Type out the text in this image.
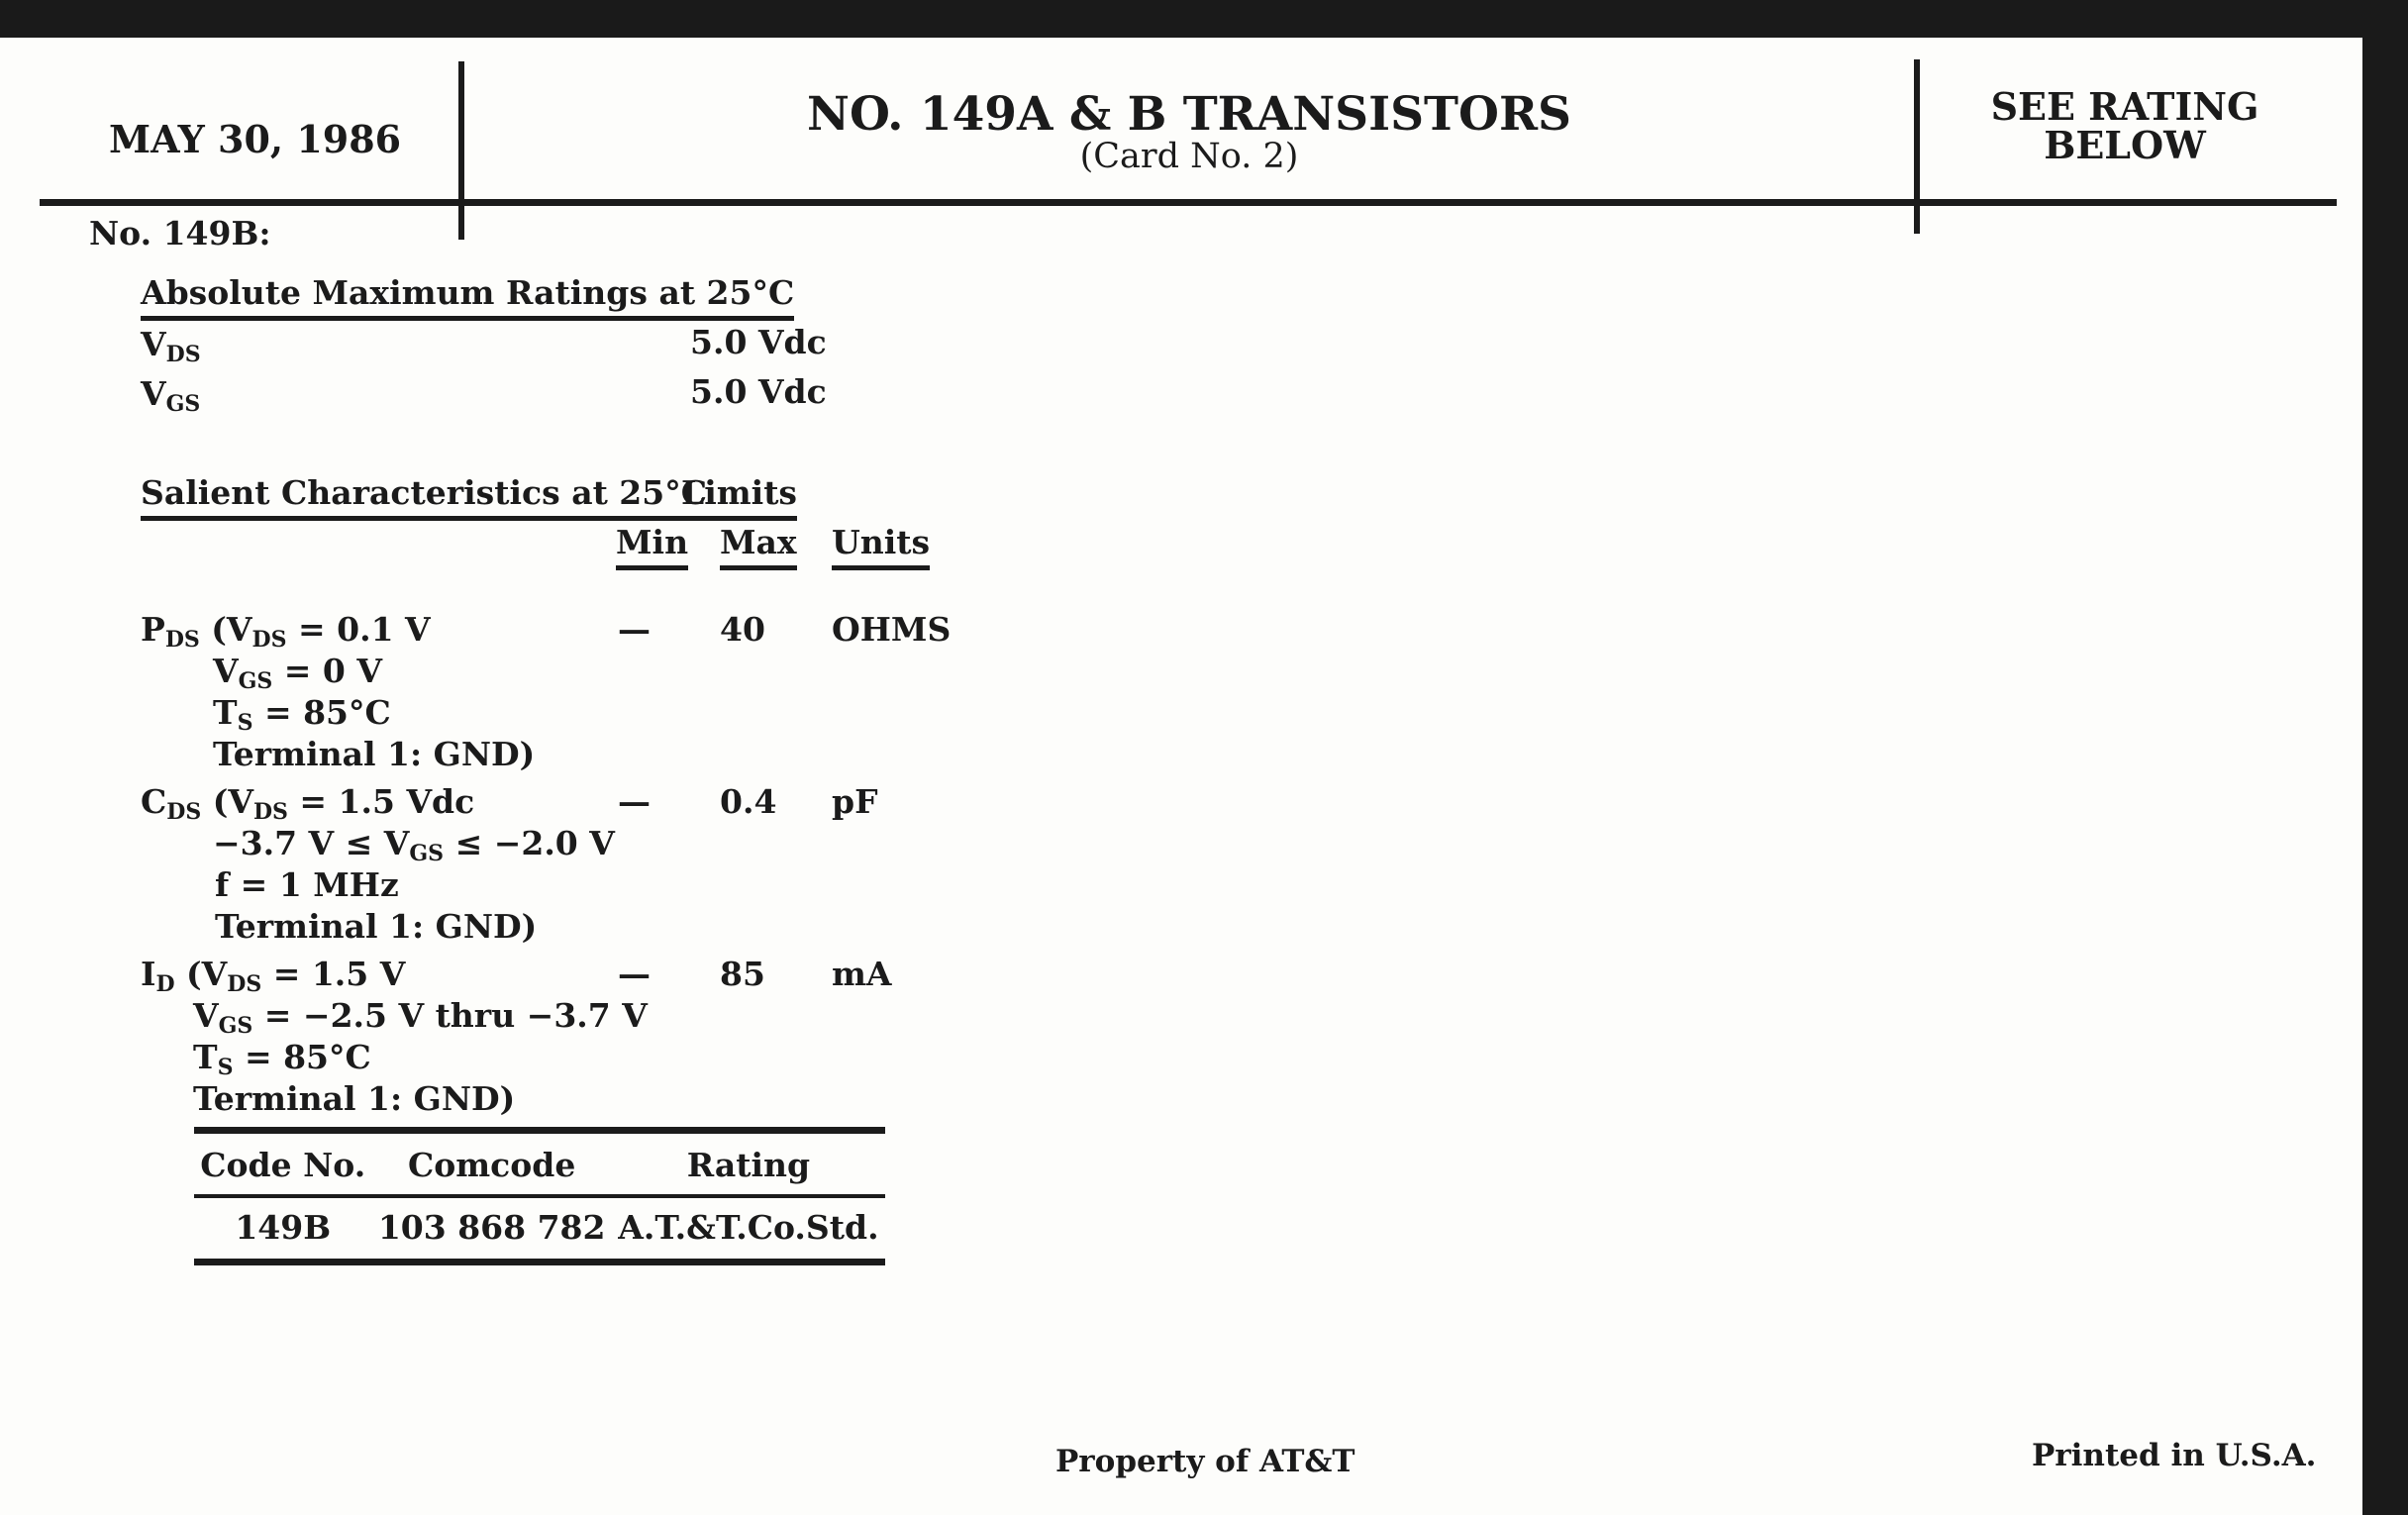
MAY 30, 1986	NO. 149A & B TRANSISTORS
(Card No. 2)
SEE RATING
BELOW
No. 149B:
Absolute Maximum Ratings at 25°C
$V_{DS}$	5.0 Vdc
$V_{GS}$	5.0 Vdc
Salient Characteristics at 25°C
Limits
Min Max Units
$P_{DS}$ ($V_{DS} = 0.1$ V
$V_{GS} = 0$ V
$T_S = 85^\circ C$
Terminal 1: GND)
— 40 OHMS
$C_{DS}$ ($V_{DS} = 1.5$ Vdc
−3.7 $V \le V_{GS} \le -2.0$ V
f = 1 MHz
Terminal 1: GND)
— 0.4 pF
$I_D$ ($V_{DS} = 1.5$ V
$V_{GS} = -2.5$ V thru −3.7 V
$T_S = 85^\circ C$
Terminal 1: GND)
— 85 mA
Code No.	Comcode	Rating
149B	103 868 782	A.T.&T.Co.Std.
Property of AT&T	Printed in U.S.A.
